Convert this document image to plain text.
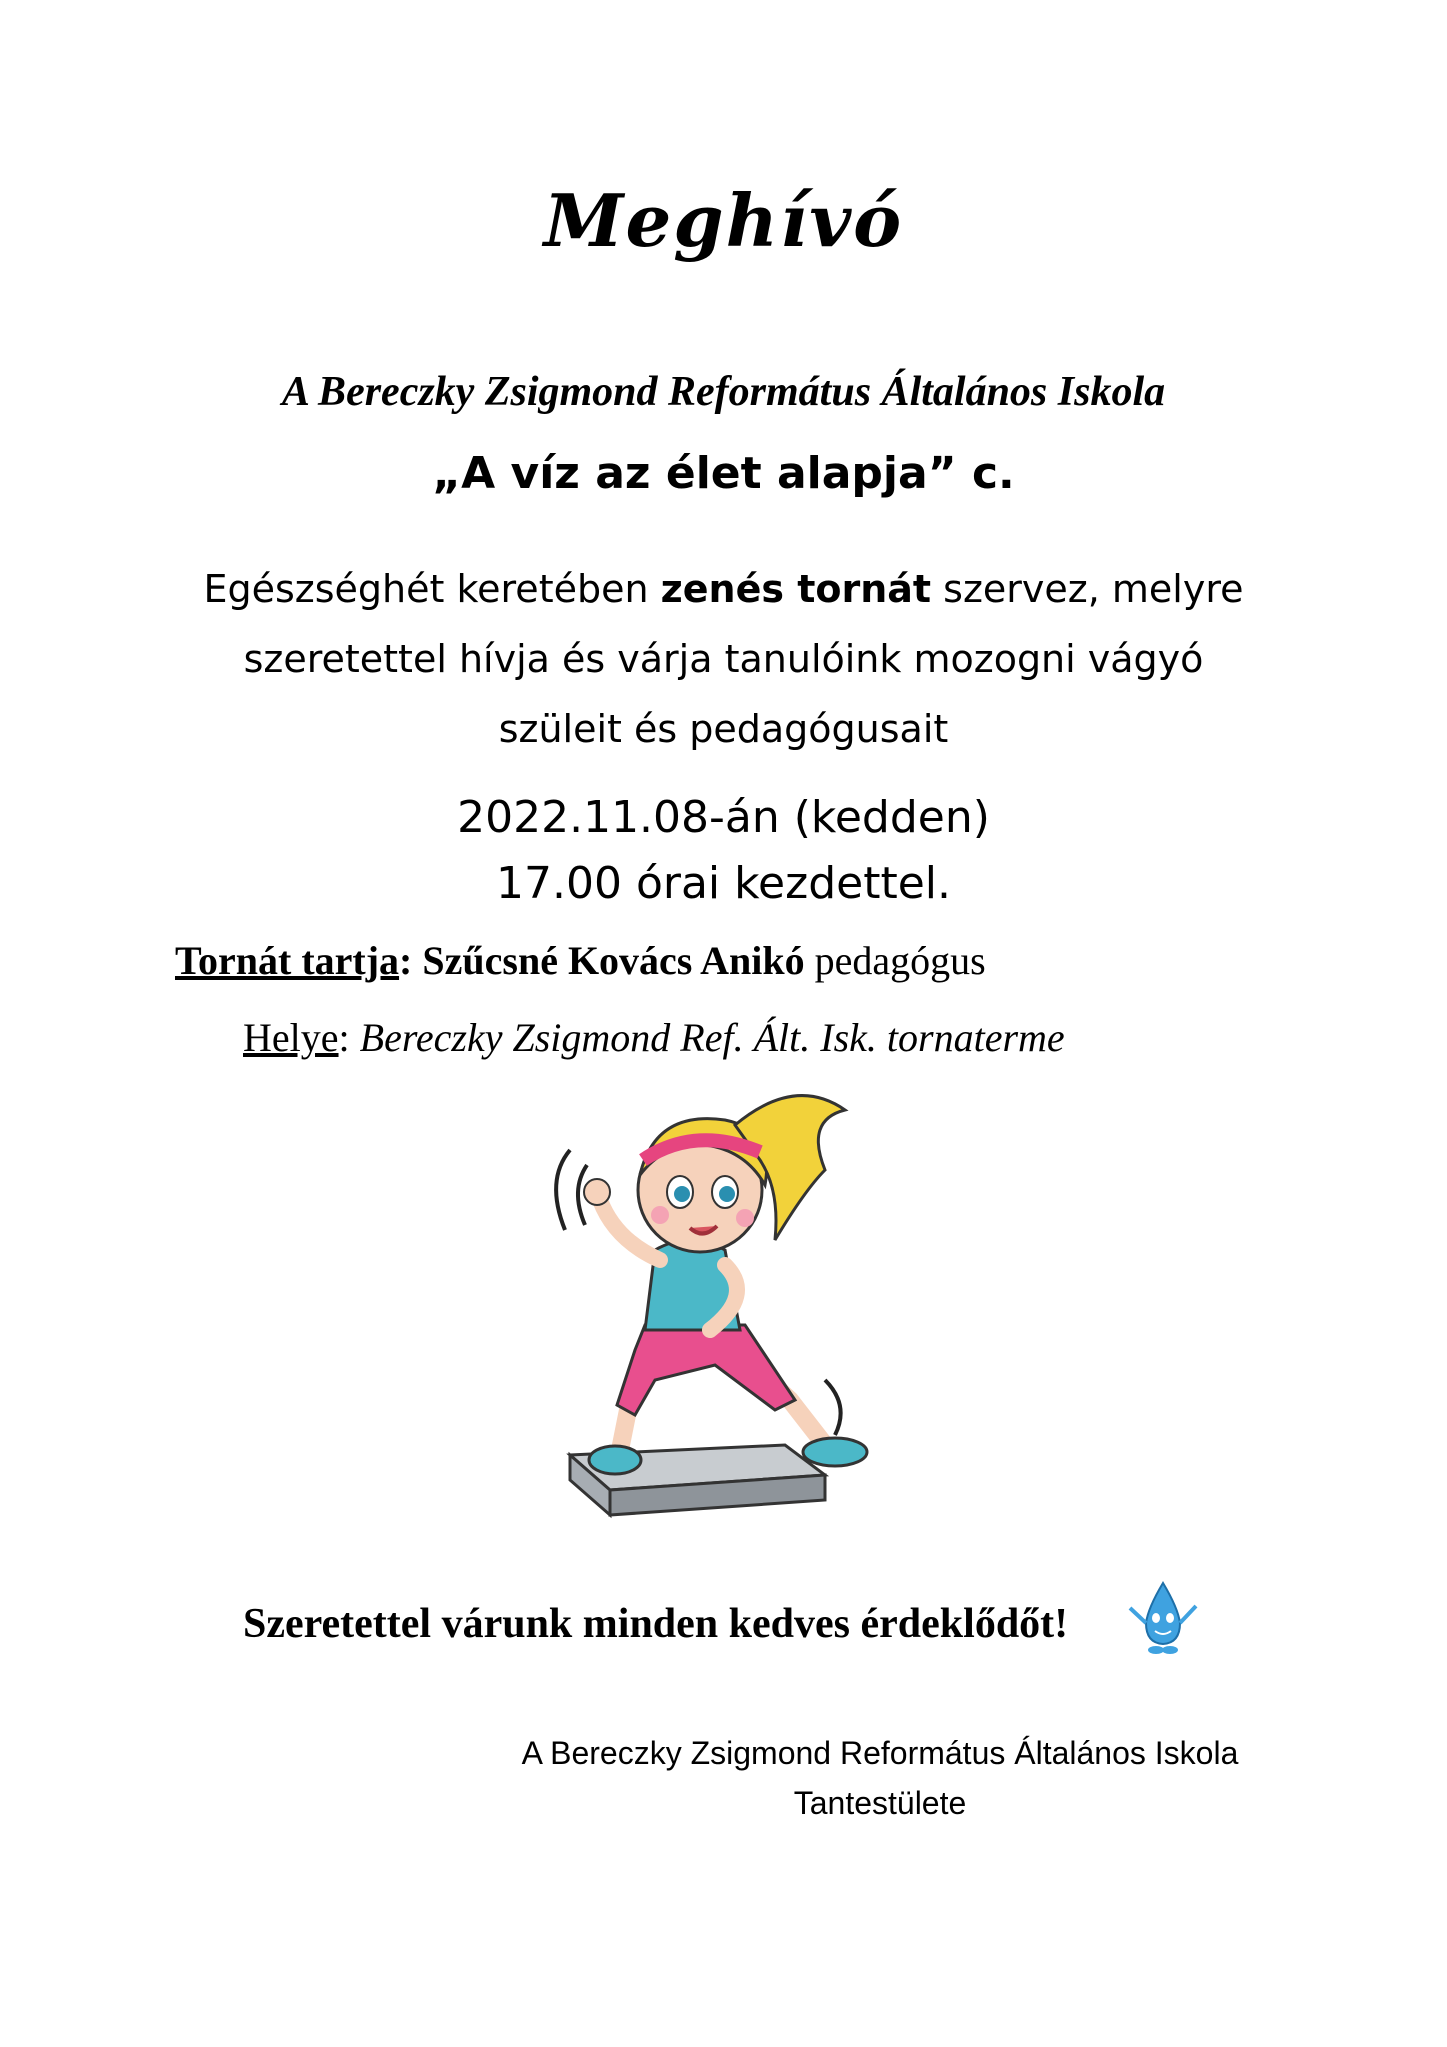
Meghívó
A Bereczky Zsigmond Református Általános Iskola
„A víz az élet alapja” c.
Egészséghét keretében zenés tornát szervez, melyre
szeretettel hívja és várja tanulóink mozogni vágyó
szüleit és pedagógusait
2022.11.08-án (kedden)
17.00 órai kezdettel.
Tornát tartja: Szűcsné Kovács Anikó pedagógus
Helye: Bereczky Zsigmond Ref. Ált. Isk. tornaterme
Szeretettel várunk minden kedves érdeklődőt!
A Bereczky Zsigmond Református Általános Iskola
Tantestülete
